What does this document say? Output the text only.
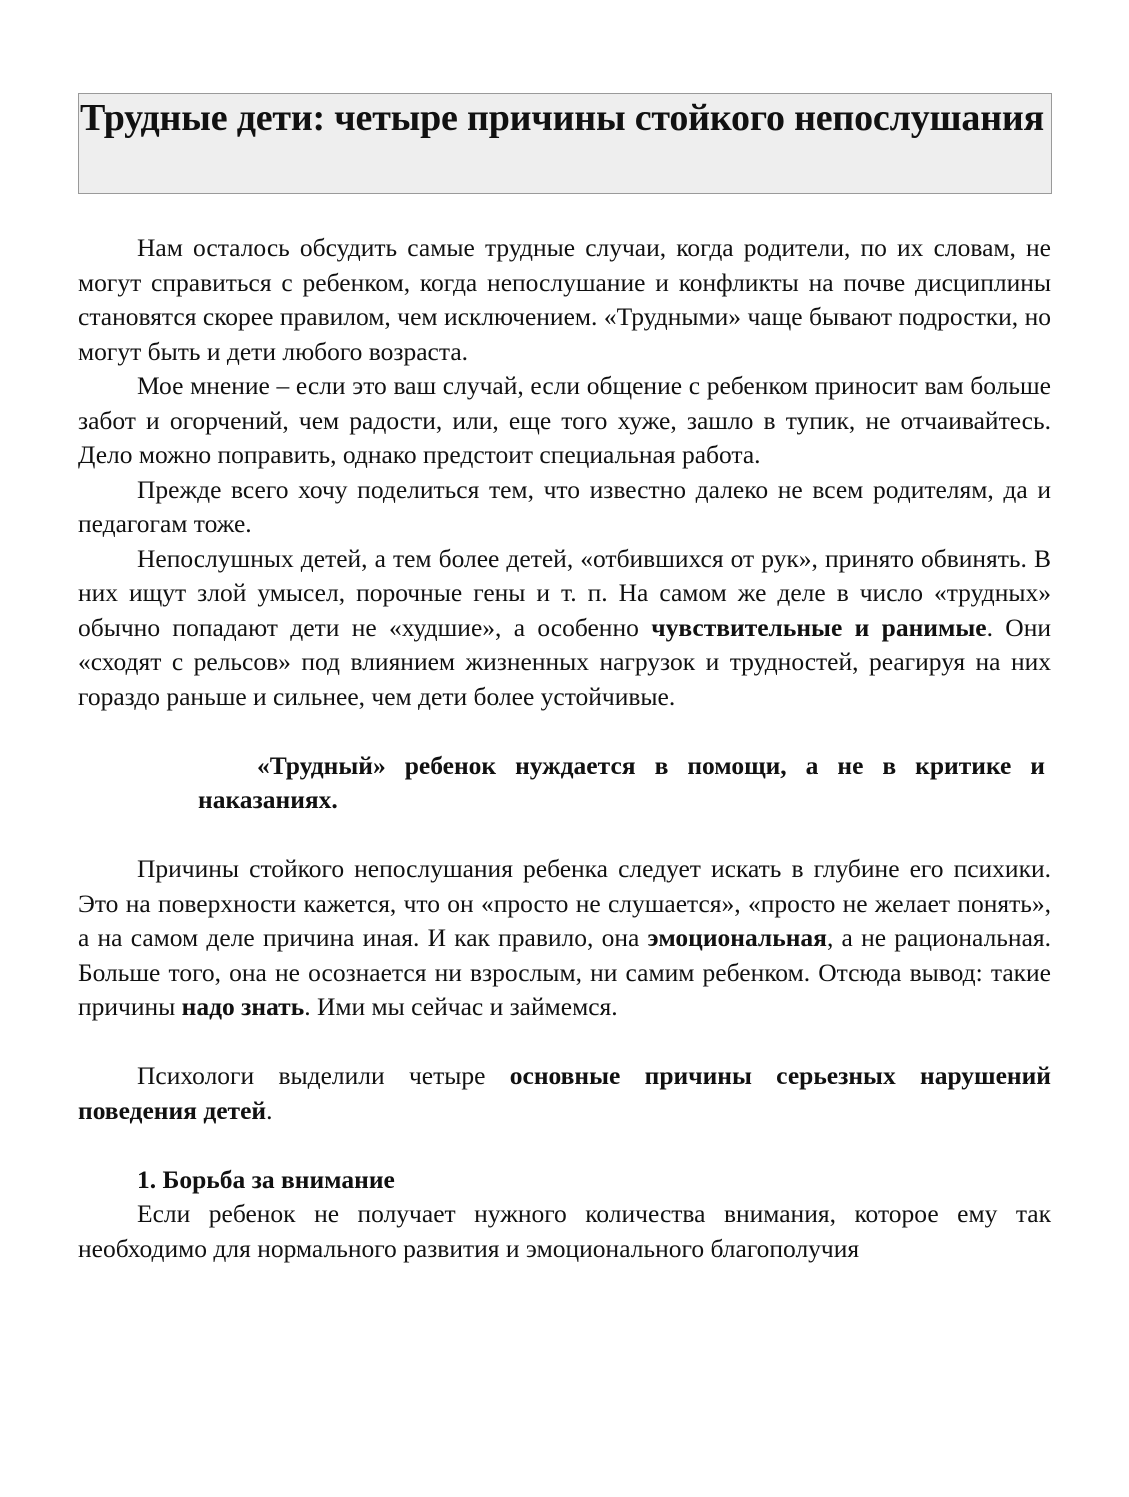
Трудные дети: четыре причины стойкого непослушания

Нам осталось обсудить самые трудные случаи, когда родители, по их словам, не могут справиться с ребенком, когда непослушание и конфликты на почве дисциплины становятся скорее правилом, чем исключением. «Трудными» чаще бывают подростки, но могут быть и дети любого возраста.

Мое мнение – если это ваш случай, если общение с ребенком приносит вам больше забот и огорчений, чем радости, или, еще того хуже, зашло в тупик, не отчаивайтесь. Дело можно поправить, однако предстоит специальная работа.

Прежде всего хочу поделиться тем, что известно далеко не всем родителям, да и педагогам тоже.

Непослушных детей, а тем более детей, «отбившихся от рук», принято обвинять. В них ищут злой умысел, порочные гены и т. п. На самом же деле в число «трудных» обычно попадают дети не «худшие», а особенно чувствительные и ранимые. Они «сходят с рельсов» под влиянием жизненных нагрузок и трудностей, реагируя на них гораздо раньше и сильнее, чем дети более устойчивые.

«Трудный» ребенок нуждается в помощи, а не в критике и наказаниях.

Причины стойкого непослушания ребенка следует искать в глубине его психики. Это на поверхности кажется, что он «просто не слушается», «просто не желает понять», а на самом деле причина иная. И как правило, она эмоциональная, а не рациональная. Больше того, она не осознается ни взрослым, ни самим ребенком. Отсюда вывод: такие причины надо знать. Ими мы сейчас и займемся.

Психологи выделили четыре основные причины серьезных нарушений поведения детей.

1. Борьба за внимание

Если ребенок не получает нужного количества внимания, которое ему так необходимо для нормального развития и эмоционального благополучия
